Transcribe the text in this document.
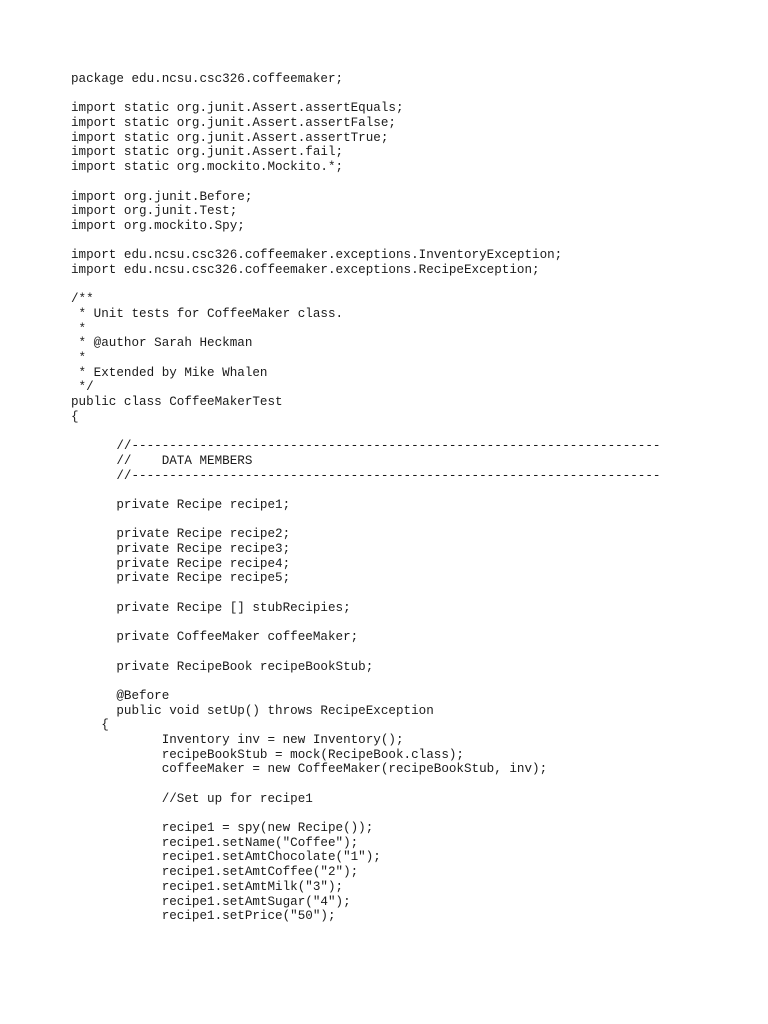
package edu.ncsu.csc326.coffeemaker;
import static org.junit.Assert.assertEquals;
import static org.junit.Assert.assertFalse;
import static org.junit.Assert.assertTrue;
import static org.junit.Assert.fail;
import static org.mockito.Mockito.*;
import org.junit.Before;
import org.junit.Test;
import org.mockito.Spy;
import edu.ncsu.csc326.coffeemaker.exceptions.InventoryException;
import edu.ncsu.csc326.coffeemaker.exceptions.RecipeException;
/**
* Unit tests for CoffeeMaker class.
*
* @author Sarah Heckman
*
* Extended by Mike Whalen
*/
public class CoffeeMakerTest
{
//----------------------------------------------------------------------
//    DATA MEMBERS
//----------------------------------------------------------------------
private Recipe recipe1;
private Recipe recipe2;
private Recipe recipe3;
private Recipe recipe4;
private Recipe recipe5;
private Recipe [] stubRecipies;
private CoffeeMaker coffeeMaker;
private RecipeBook recipeBookStub;
@Before
public void setUp() throws RecipeException
{
Inventory inv = new Inventory();
recipeBookStub = mock(RecipeBook.class);
coffeeMaker = new CoffeeMaker(recipeBookStub, inv);
//Set up for recipe1
recipe1 = spy(new Recipe());
recipe1.setName("Coffee");
recipe1.setAmtChocolate("1");
recipe1.setAmtCoffee("2");
recipe1.setAmtMilk("3");
recipe1.setAmtSugar("4");
recipe1.setPrice("50");
